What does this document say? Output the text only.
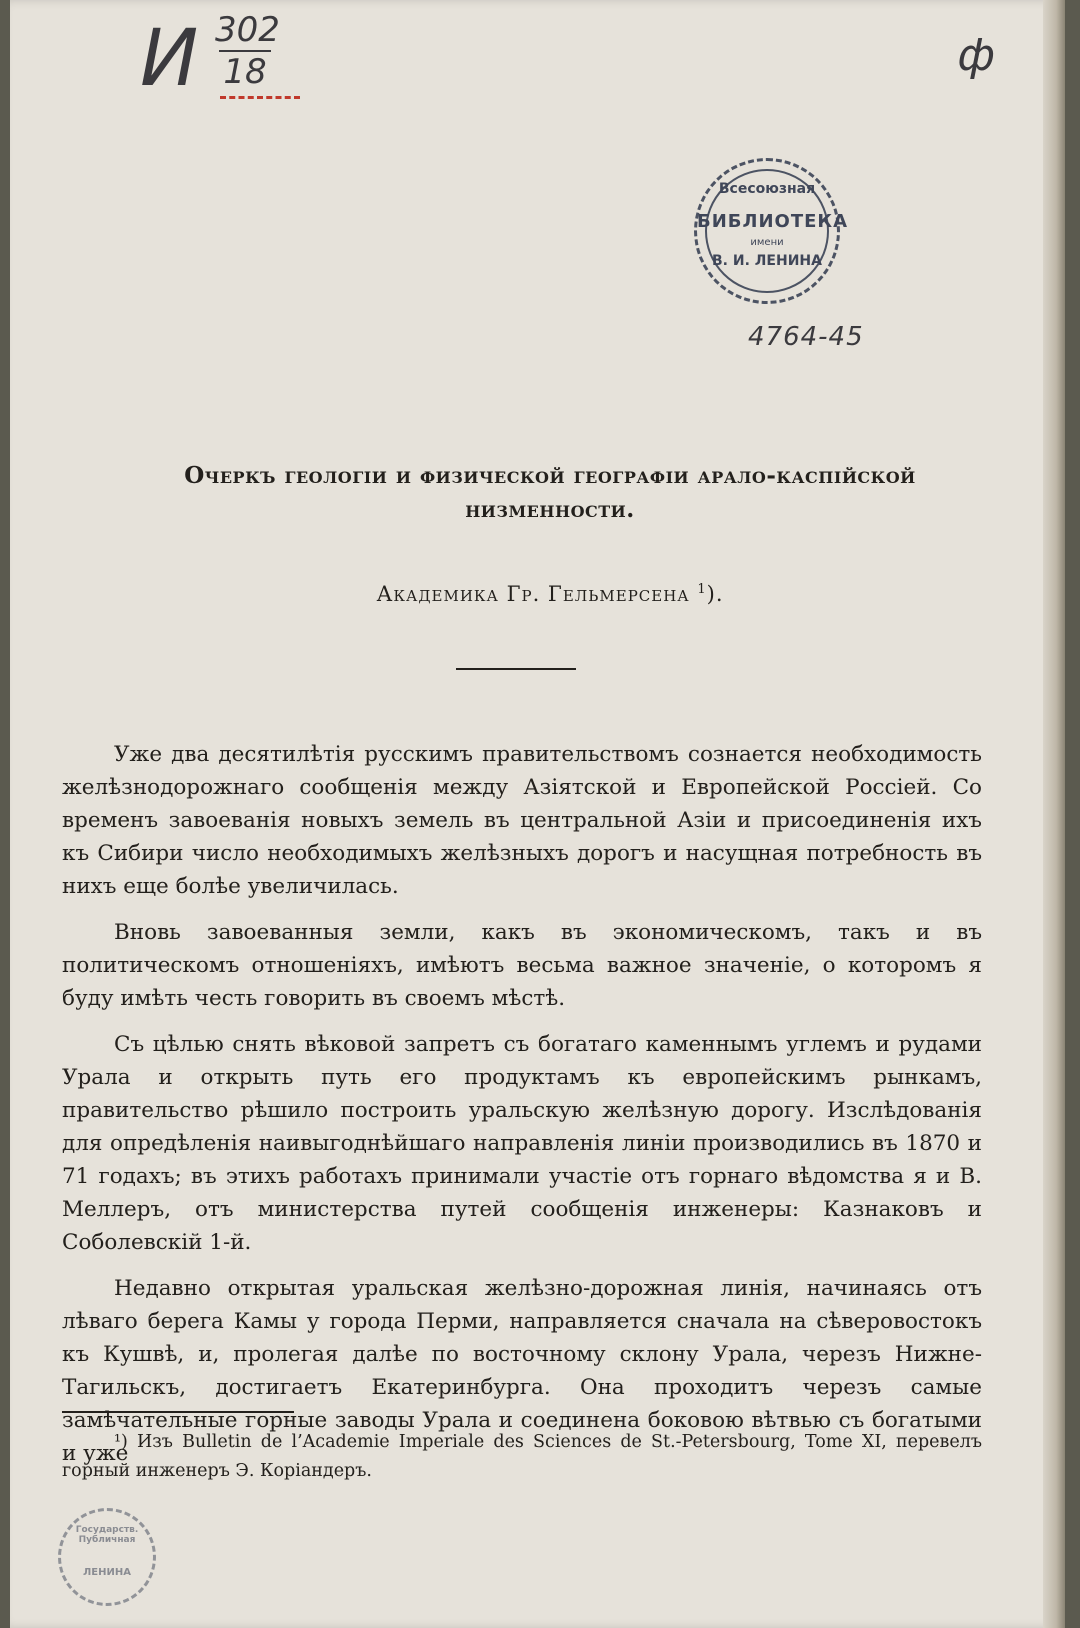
И 302
18	ф
Всесоюзная
БИБЛИОТЕКА
имени
В. И. ЛЕНИНА
4764-45
Очеркъ геологіи и физической географіи арало-каспійской
низменности.
Академика Гр. Гельмерсена $^1$).

Уже два десятилѣтія русскимъ правительствомъ сознается необходимость желѣзнодорожнаго сообщенія между Азіятской и Европейской Россіей. Со временъ завоеванія новыхъ земель въ центральной Азіи и присоединенія ихъ къ Сибири число необходимыхъ желѣзныхъ дорогъ и насущная потребность въ нихъ еще болѣе увеличилась.

Вновь завоеванныя земли, какъ въ экономическомъ, такъ и въ политическомъ отношеніяхъ, имѣютъ весьма важное значеніе, о которомъ я буду имѣть честь говорить въ своемъ мѣстѣ.

Съ цѣлью снять вѣковой запретъ съ богатаго каменнымъ углемъ и рудами Урала и открыть путь его продуктамъ къ европейскимъ рынкамъ, правительство рѣшило построить уральскую желѣзную дорогу. Изслѣдованія для опредѣленія наивыгоднѣйшаго направленія линіи производились въ 1870 и 71 годахъ; въ этихъ работахъ принимали участіе отъ горнаго вѣдомства я и В. Меллеръ, отъ министерства путей сообщенія инженеры: Казнаковъ и Соболевскій 1-й.

Недавно открытая уральская желѣзно-дорожная линія, начинаясь отъ лѣваго берега Камы у города Перми, направляется сначала на сѣверовостокъ къ Кушвѣ, и, пролегая далѣе по восточному склону Урала, черезъ Нижне-Тагильскъ, достигаетъ Екатеринбурга. Она проходитъ черезъ самые замѣчательные горные заводы Урала и соединена боковою вѣтвью съ богатыми и уже

¹) Изъ Bulletin de l’Academie Imperiale des Sciences de St.-Petersbourg, Tome XI, перевелъ горный инженеръ Э. Коріандеръ.

Государств. Публичная
ЛЕНИНА
